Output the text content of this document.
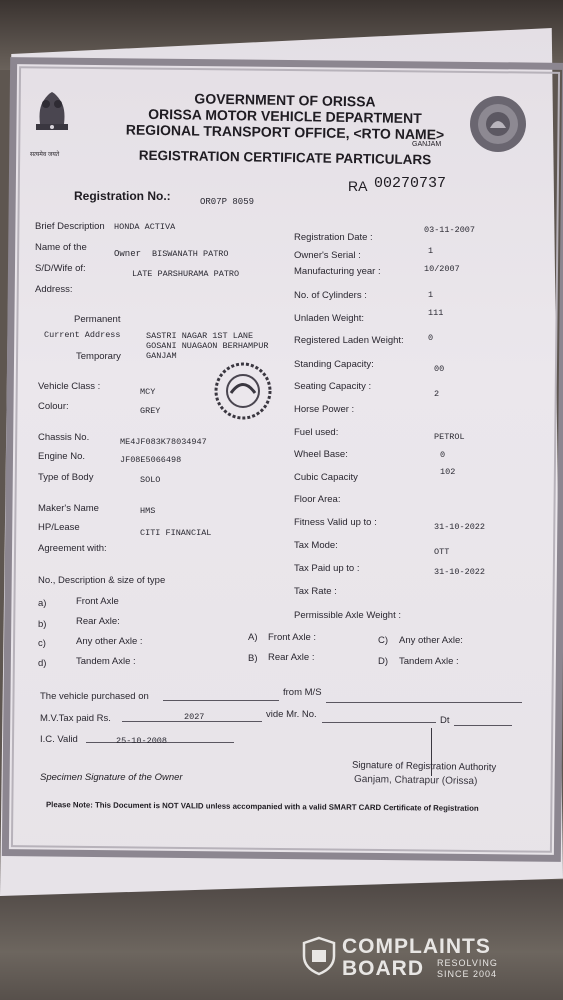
सत्यमेव जयते
GOVERNMENT OF ORISSA
ORISSA MOTOR VEHICLE DEPARTMENT
REGIONAL TRANSPORT OFFICE, <RTO NAME>
GANJAM
REGISTRATION CERTIFICATE PARTICULARS
RA 00270737
Registration No.:	OR07P 8059
Brief Description HONDA ACTIVA
Name of the
Owner BISWANATH PATRO
S/D/Wife of:	LATE PARSHURAMA PATRO
Address:
Permanent
Current Address	SASTRI NAGAR 1ST LANE
GOSANI NUAGAON BERHAMPUR
GANJAM
Temporary
Vehicle Class :	MCY
Colour:	GREY
Chassis No.	ME4JF083K78034947
Engine No.	JF08E5066498
Type of Body	SOLO
Maker's Name	HMS
HP/Lease	CITI FINANCIAL
Agreement with:
Registration Date :
03-11-2007
Owner's Serial :	1
Manufacturing year :	10/2007
No. of Cylinders :	1
Unladen Weight:	111
Registered Laden Weight:	0
Standing Capacity:	00
Seating Capacity :
2
Horse Power :
Fuel used:	PETROL
Wheel Base:	0
Cubic Capacity	102
Floor Area:
Fitness Valid up to :	31-10-2022
Tax Mode:
OTT
Tax Paid up to :	31-10-2022
Tax Rate :
Permissible Axle Weight :
No., Description & size of type
a)	Front Axle
b)	Rear Axle:
c)	Any other Axle :
d)	Tandem Axle :
A) Front Axle :
B) Rear Axle :
C) Any other Axle:
D) Tandem Axle :
The vehicle purchased on	from M/S
M.V.Tax paid Rs.	2027	vide Mr. No.
Dt
I.C. Valid	25-10-2008
Specimen Signature of the Owner
Signature of Registration Authority
Ganjam, Chatrapur (Orissa)
Please Note: This Document is NOT VALID unless accompanied with a valid SMART CARD Certificate of Registration
COMPLAINTS
BOARD RESOLVING
SINCE 2004
